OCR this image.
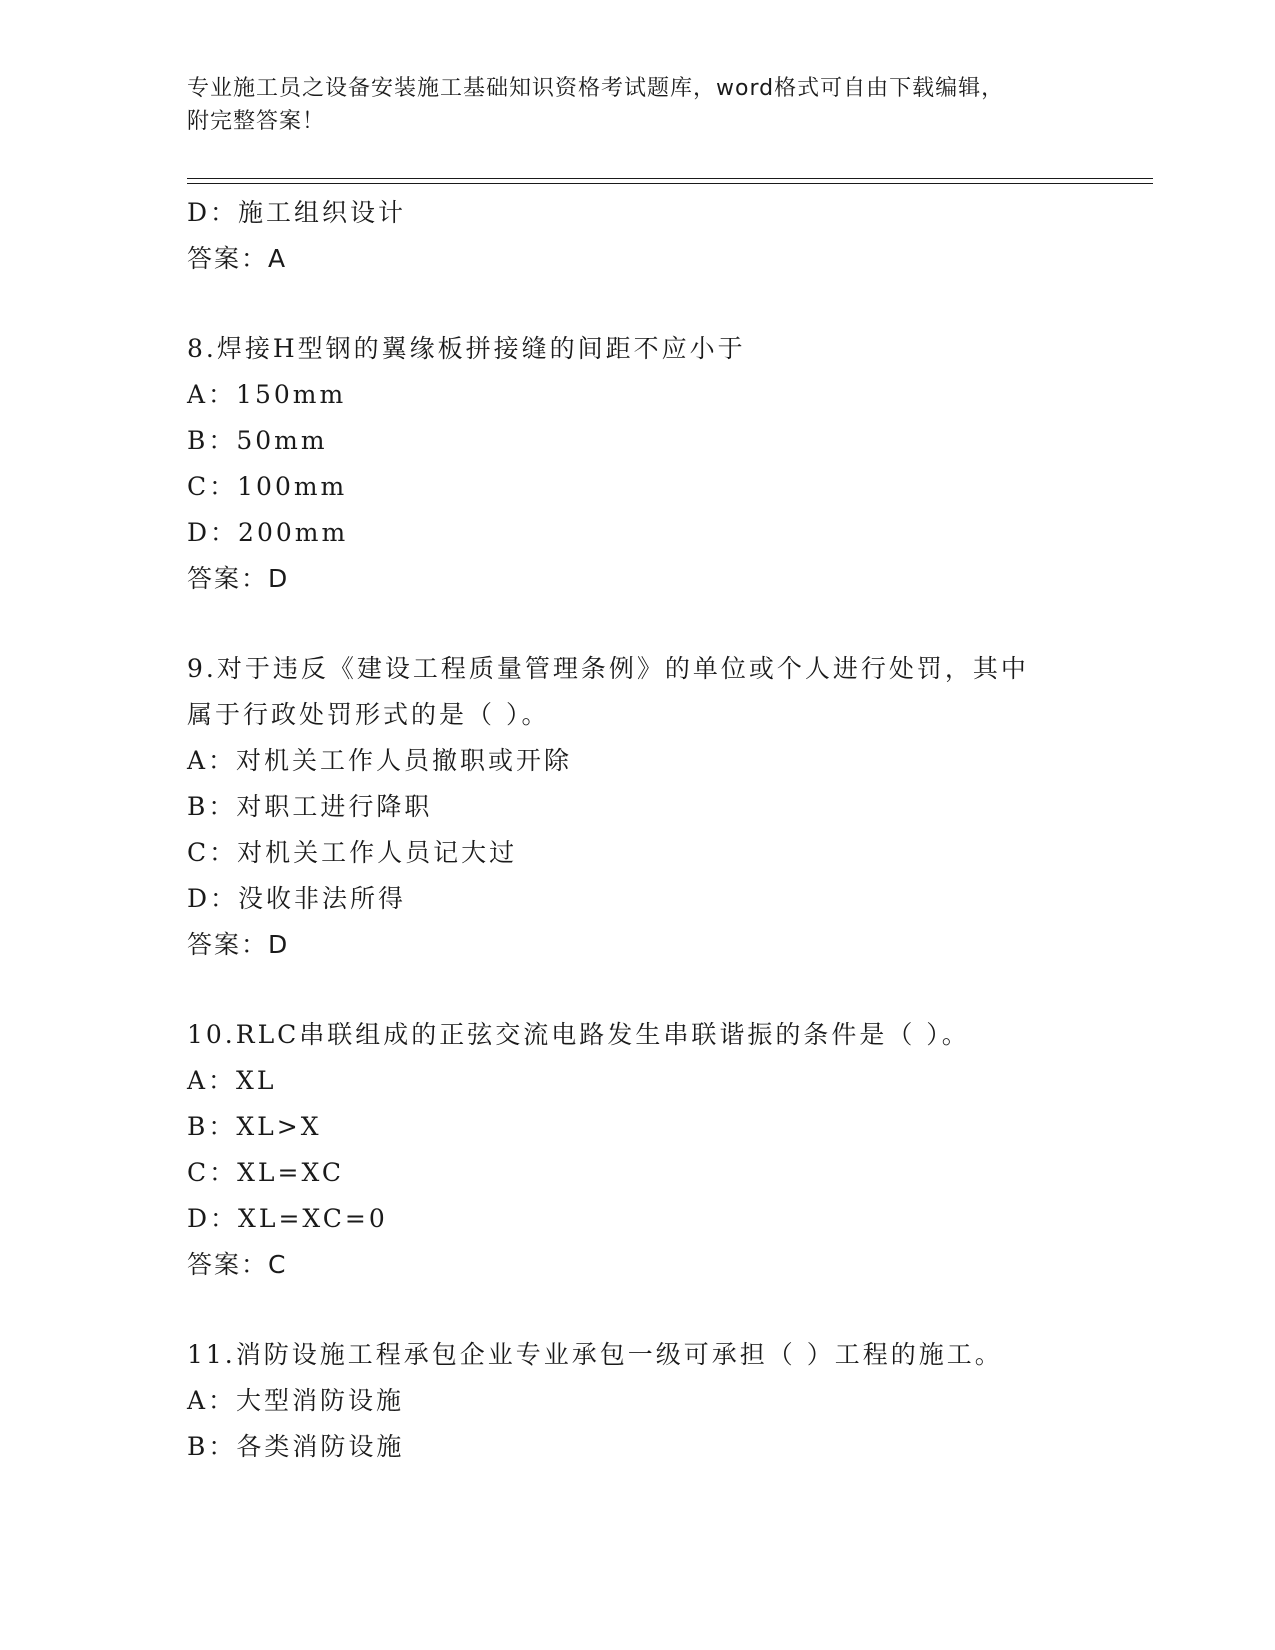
专业施工员之设备安装施工基础知识资格考试题库，word格式可自由下载编辑，
附完整答案！
D：施工组织设计
答案：A
8.焊接H型钢的翼缘板拼接缝的间距不应小于
A：150mm
B：50mm
C：100mm
D：200mm
答案：D
9.对于违反《建设工程质量管理条例》的单位或个人进行处罚，其中
属于行政处罚形式的是（ ）。
A：对机关工作人员撤职或开除
B：对职工进行降职
C：对机关工作人员记大过
D：没收非法所得
答案：D
10.RLC串联组成的正弦交流电路发生串联谐振的条件是（ ）。
A：XL
B：XL>X
C：XL=XC
D：XL=XC=0
答案：C
11.消防设施工程承包企业专业承包一级可承担（ ）工程的施工。
A：大型消防设施
B：各类消防设施
